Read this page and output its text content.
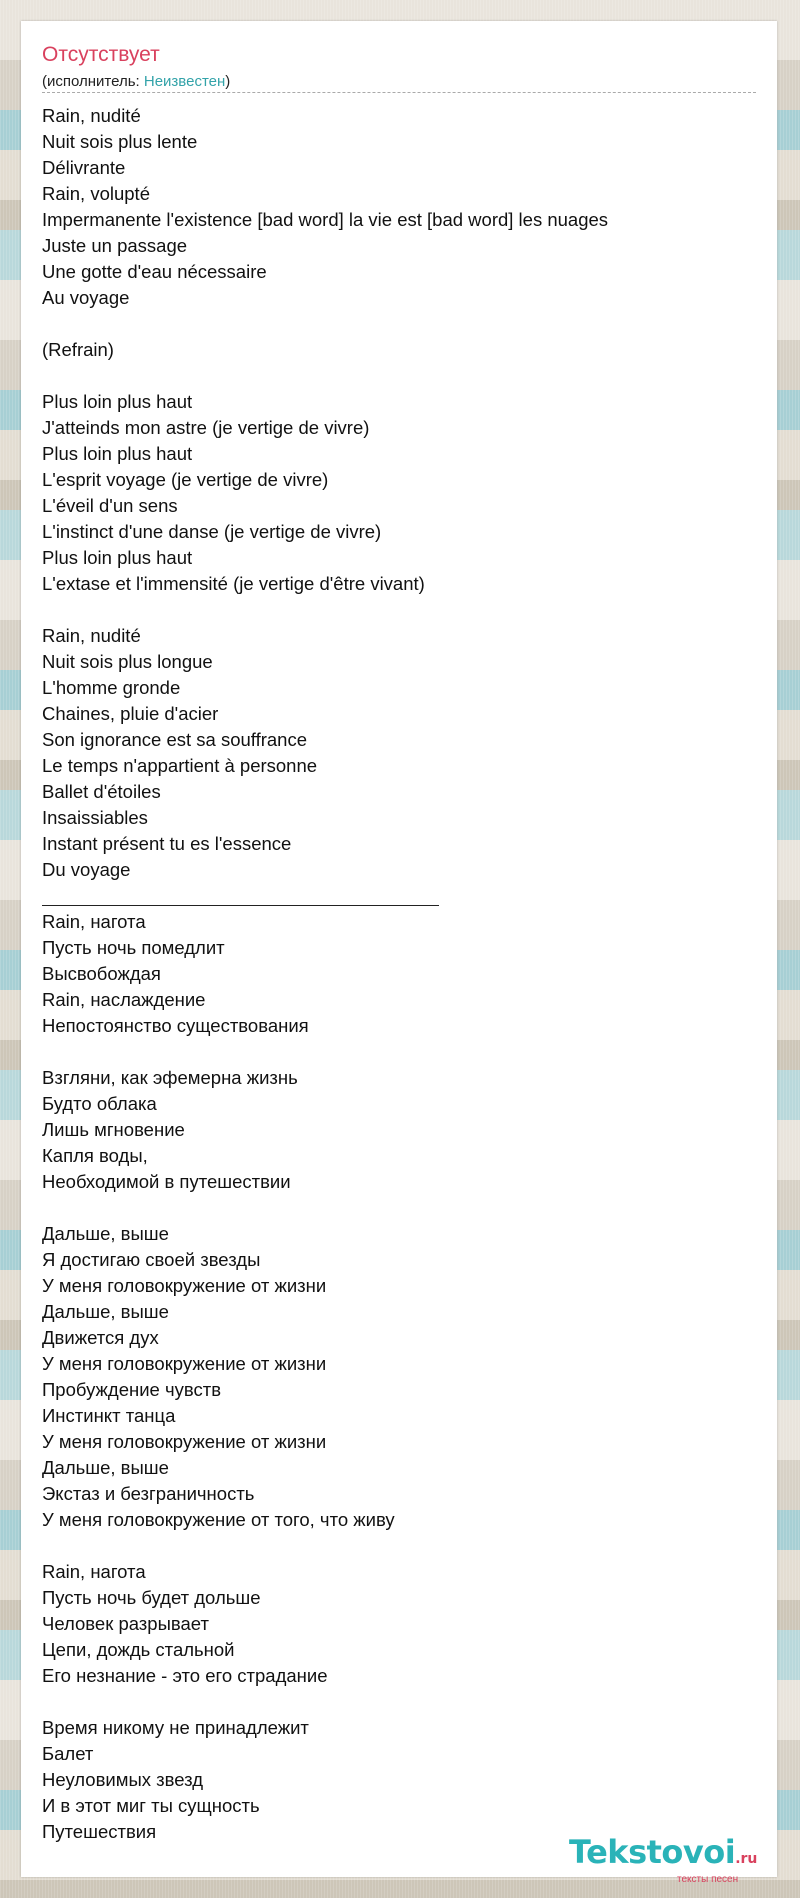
Отсутствует
(исполнитель: Неизвестен)
Rain, nudité
Nuit sois plus lente
Délivrante
Rain, volupté
Impermanente l'existence [bad word] la vie est [bad word] les nuages
Juste un passage
Une gotte d'eau nécessaire
Au voyage
(Refrain)
Plus loin plus haut
J'atteinds mon astre (je vertige de vivre)
Plus loin plus haut
L'esprit voyage (je vertige de vivre)
L'éveil d'un sens
L'instinct d'une danse (je vertige de vivre)
Plus loin plus haut
L'extase et l'immensité (je vertige d'être vivant)
Rain, nudité
Nuit sois plus longue
L'homme gronde
Chaines, pluie d'acier
Son ignorance est sa souffrance
Le temps n'appartient à personne
Ballet d'étoiles
Insaissiables
Instant présent tu es l'essence
Du voyage
Rain, нагота
Пусть ночь помедлит
Высвобождая
Rain, наслаждение
Непостоянство существования
Взгляни, как эфемерна жизнь
Будто облака
Лишь мгновение
Капля воды,
Необходимой в путешествии
Дальше, выше
Я достигаю своей звезды
У меня головокружение от жизни
Дальше, выше
Движется дух
У меня головокружение от жизни
Пробуждение чувств
Инстинкт танца
У меня головокружение от жизни
Дальше, выше
Экстаз и безграничность
У меня головокружение от того, что живу
Rain, нагота
Пусть ночь будет дольше
Человек разрывает
Цепи, дождь стальной
Его незнание - это его страдание
Время никому не принадлежит
Балет
Неуловимых звезд
И в этот миг ты сущность
Путешествия
Tekstovoi.ru
тексты песен
